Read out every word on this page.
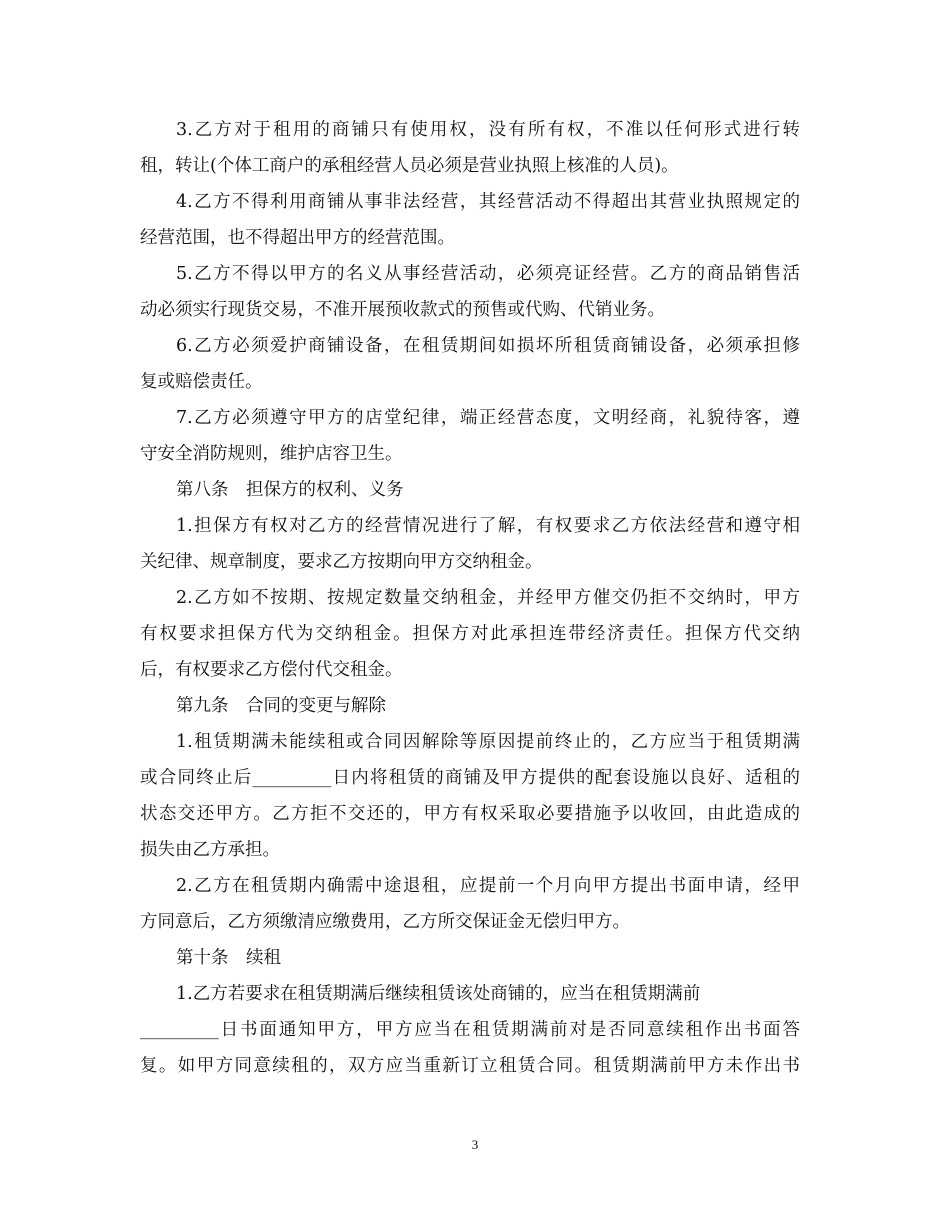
3.乙方对于租用的商铺只有使用权，没有所有权，不准以任何形式进行转
租，转让(个体工商户的承租经营人员必须是营业执照上核准的人员)。
4.乙方不得利用商铺从事非法经营，其经营活动不得超出其营业执照规定的
经营范围，也不得超出甲方的经营范围。
5.乙方不得以甲方的名义从事经营活动，必须亮证经营。乙方的商品销售活
动必须实行现货交易，不准开展预收款式的预售或代购、代销业务。
6.乙方必须爱护商铺设备，在租赁期间如损坏所租赁商铺设备，必须承担修
复或赔偿责任。
7.乙方必须遵守甲方的店堂纪律，端正经营态度，文明经商，礼貌待客，遵
守安全消防规则，维护店容卫生。
第八条　担保方的权利、义务
1.担保方有权对乙方的经营情况进行了解，有权要求乙方依法经营和遵守相
关纪律、规章制度，要求乙方按期向甲方交纳租金。
2.乙方如不按期、按规定数量交纳租金，并经甲方催交仍拒不交纳时，甲方
有权要求担保方代为交纳租金。担保方对此承担连带经济责任。担保方代交纳
后，有权要求乙方偿付代交租金。
第九条　合同的变更与解除
1.租赁期满未能续租或合同因解除等原因提前终止的，乙方应当于租赁期满
或合同终止后_________日内将租赁的商铺及甲方提供的配套设施以良好、适租的
状态交还甲方。乙方拒不交还的，甲方有权采取必要措施予以收回，由此造成的
损失由乙方承担。
2.乙方在租赁期内确需中途退租，应提前一个月向甲方提出书面申请，经甲
方同意后，乙方须缴清应缴费用，乙方所交保证金无偿归甲方。
第十条　续租
1.乙方若要求在租赁期满后继续租赁该处商铺的，应当在租赁期满前
_________日书面通知甲方，甲方应当在租赁期满前对是否同意续租作出书面答
复。如甲方同意续租的，双方应当重新订立租赁合同。租赁期满前甲方未作出书
3
